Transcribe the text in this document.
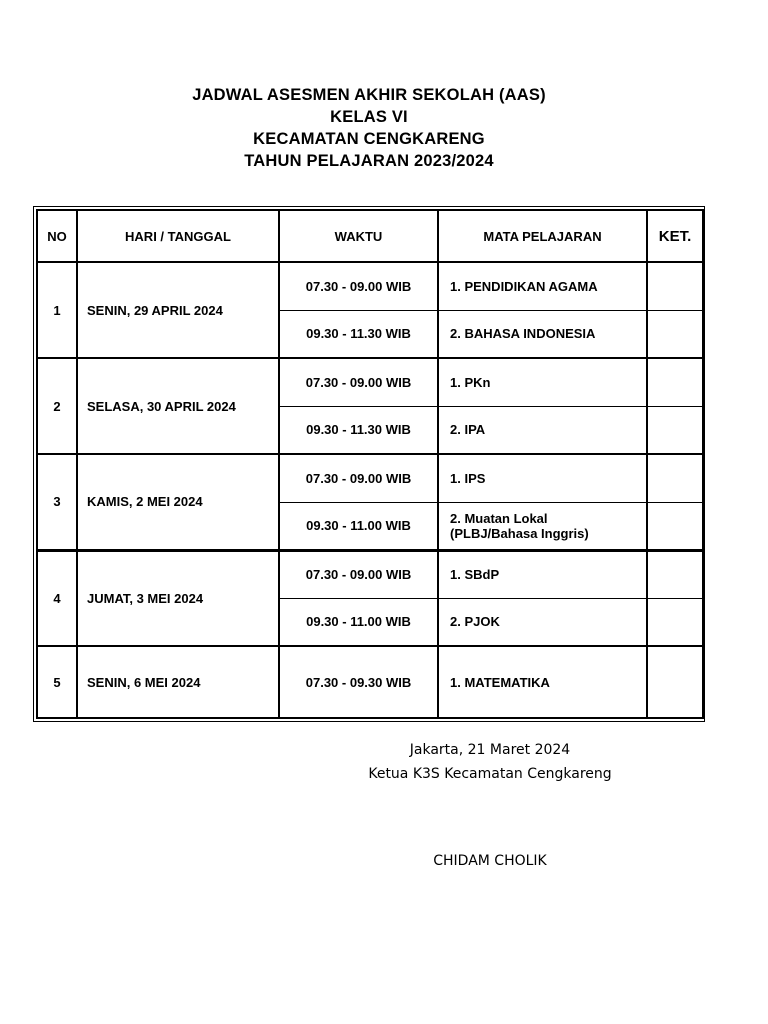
JADWAL ASESMEN AKHIR SEKOLAH (AAS)
KELAS VI
KECAMATAN CENGKARENG
TAHUN PELAJARAN 2023/2024
NO	HARI / TANGGAL	WAKTU	MATA PELAJARAN	KET.
1	SENIN, 29 APRIL 2024	07.30 - 09.00 WIB	1. PENDIDIKAN AGAMA	
		09.30 - 11.30 WIB	2. BAHASA INDONESIA	
2	SELASA, 30 APRIL 2024	07.30 - 09.00 WIB	1. PKn	
		09.30 - 11.30 WIB	2. IPA	
3	KAMIS, 2 MEI 2024	07.30 - 09.00 WIB	1. IPS	
		09.30 - 11.00 WIB	2. Muatan Lokal
(PLBJ/Bahasa Inggris)	

4	JUMAT, 3 MEI 2024	07.30 - 09.00 WIB	1. SBdP	
		09.30 - 11.00 WIB	2. PJOK	
5	SENIN, 6 MEI 2024	07.30 - 09.30 WIB	1. MATEMATIKA	
Jakarta, 21 Maret 2024
Ketua K3S Kecamatan Cengkareng
CHIDAM CHOLIK
